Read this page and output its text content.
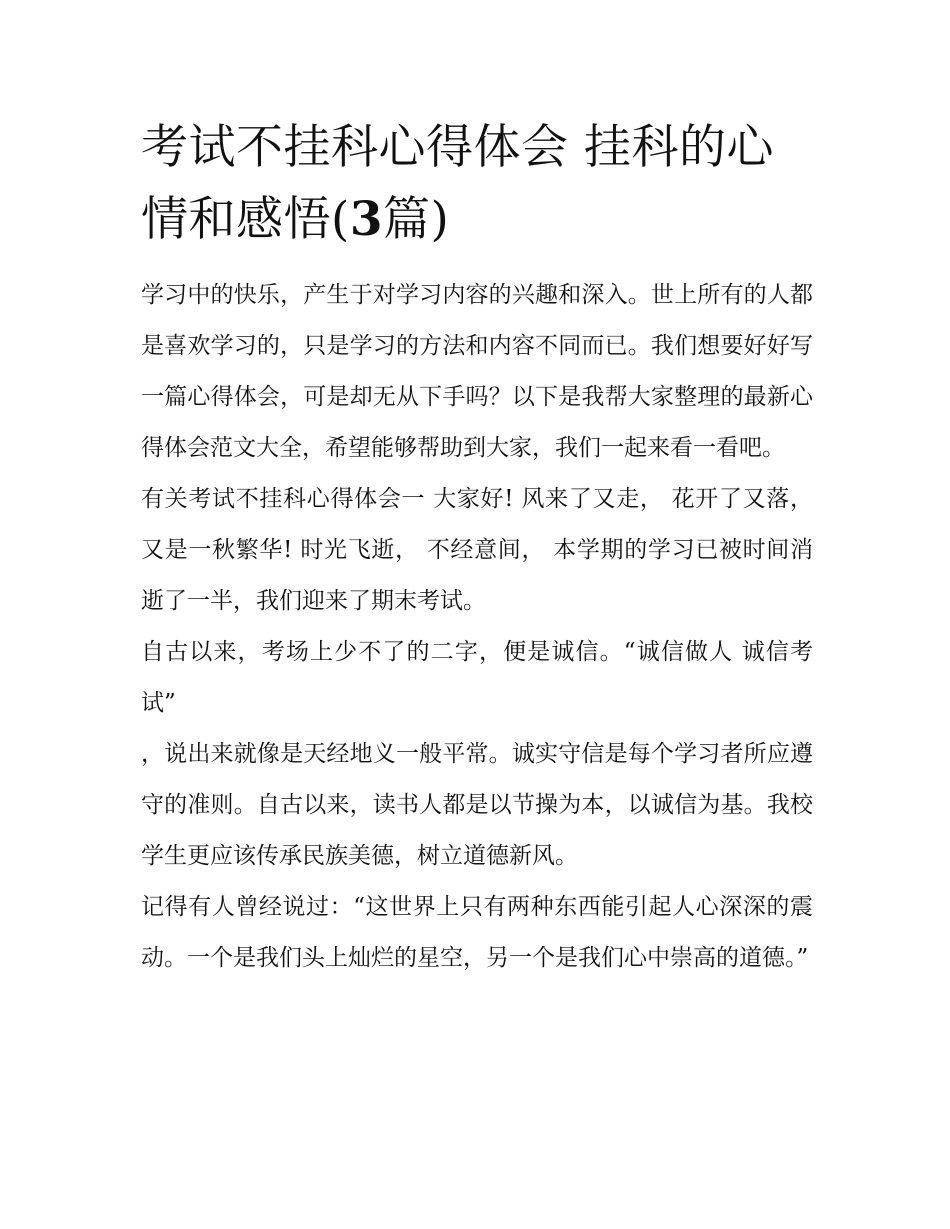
考试不挂科心得体会 挂科的心情和感悟(3篇)

学习中的快乐，产生于对学习内容的兴趣和深入。世上所有的人都是喜欢学习的，只是学习的方法和内容不同而已。我们想要好好写一篇心得体会，可是却无从下手吗？以下是我帮大家整理的最新心得体会范文大全，希望能够帮助到大家，我们一起来看一看吧。

有关考试不挂科心得体会一 大家好! 风来了又走， 花开了又落， 又是一秋繁华! 时光飞逝， 不经意间， 本学期的学习已被时间消逝了一半，我们迎来了期末考试。

自古以来，考场上少不了的二字，便是诚信。“诚信做人 诚信考试”

，说出来就像是天经地义一般平常。诚实守信是每个学习者所应遵守的准则。自古以来，读书人都是以节操为本，以诚信为基。我校学生更应该传承民族美德，树立道德新风。

记得有人曾经说过：“这世界上只有两种东西能引起人心深深的震动。一个是我们头上灿烂的星空，另一个是我们心中崇高的道德。”
